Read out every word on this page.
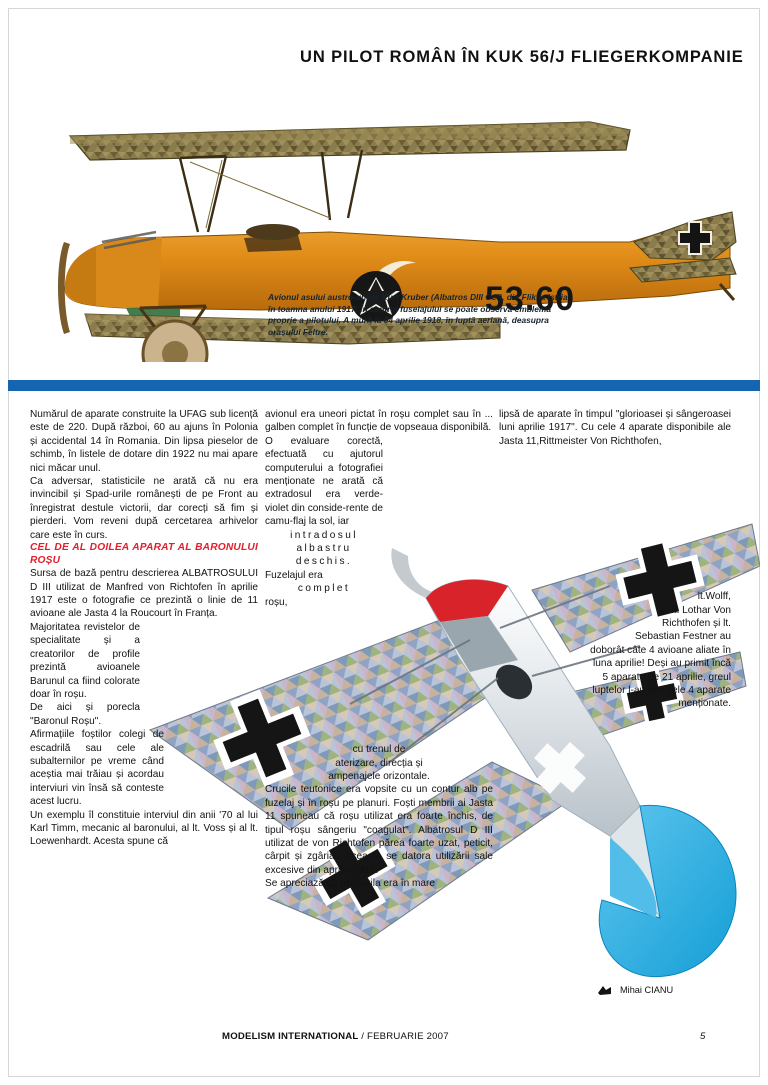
UN PILOT ROMÂN ÎN KUK 56/J FLIEGERKOMPANIE
53.60
Avionul asului austro-ungar Kurt Kruber (Albatros DIII Oef), din Flik la Istria în toamna anului 1917. În centrul fuselajului se poate observa emblema proprie a pilotului. A murit la 04 aprilie 1918, în luptă aeriană, deasupra orașului Feltre.

Numărul de aparate construite la UFAG sub licență este de 220. După război, 60 au ajuns în Polonia și accidental 14 în Romania. Din lipsa pieselor de schimb, în listele de dotare din 1922 nu mai apare nici măcar unul.

Ca adversar, statisticile ne arată că nu era invincibil și Spad-urile românești de pe Front au înregistrat destule victorii, dar corecți să fim și pierderi. Vom reveni după cercetarea arhivelor care este în curs.

CEL DE AL DOILEA APARAT AL BARONULUI ROȘU

Sursa de bază pentru descrierea ALBATROSULUI D III utilizat de Manfred von Richtofen în aprilie 1917 este o fotografie ce prezintă o linie de 11 avioane ale Jasta 4 la Roucourt în Franța.

Majoritatea revistelor de specialitate și a creatorilor de profile prezintă avioanele Barunul ca fiind colorate doar în roșu.

De aici și porecla "Baronul Roșu".

Afirmațiile foștilor colegi de escadrilă sau cele ale subalternilor pe vreme când aceștia mai trăiau și acordau interviuri vin însă să conteste acest lucru.

Un exemplu îl constituie interviul din anii '70 al lui Karl Timm, mecanic al baronului, al lt. Voss și al lt. Loewenhardt. Acesta spune că

avionul era uneori pictat în roșu complet sau în ... galben complet în funcție de vopseaua disponibilă.

O evaluare corectă, efectuată cu ajutorul computerului a fotografiei menționate ne arată că extradosul era verde-violet din conside-rente de camu-flaj la sol, iar

intradosul

albastru

deschis.

Fuzelajul era

complet

roșu,

cu trenul de

aterizare, direcția și

ampenajele orizontale.

Crucile teutonice era vopsite cu un contur alb pe fuzelaj și în roșu pe planuri. Foști membrii ai Jasta 11 spuneau că roșu utilizat era foarte închis, de tipul roșu sângeriu "coagulat". Albatrosul D III utilizat de von Richtofen părea foarte uzat, peticit, cârpit și zgâriat. Aceasta se datora utilizării sale excesive din aprilie 1917.

Se apreciază că escadrila era în mare

lipsă de aparate în timpul "glorioasei și sângeroasei luni aprilie 1917". Cu cele 4 aparate disponibile ale Jasta 11,Rittmeister Von Richthofen,

lt.Wolff,

lt. Lothar Von

Richthofen și lt.

Sebastian Festner au

doborât câte 4 avioane aliate în

luna aprilie! Deși au primit încă

5 aparate pe 21 aprilie, greul

luptelor l-au dus cele 4 aparate

menționate.

Mihai CIANU
MODELISM INTERNATIONAL / FEBRUARIE 2007	5
